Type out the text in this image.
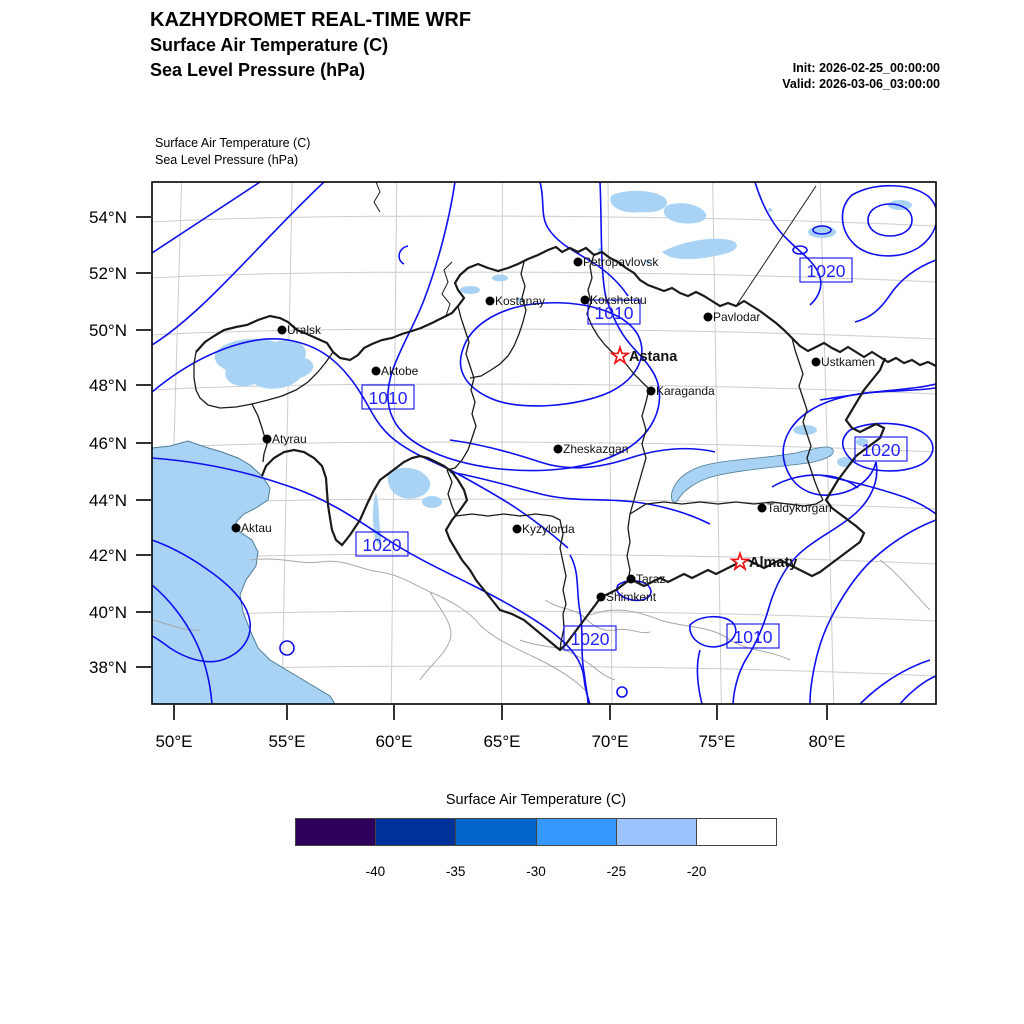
KAZHYDROMET REAL-TIME WRF
Surface Air Temperature (C)
Sea Level Pressure (hPa)	Init: 2026-02-25_00:00:00
Valid: 2026-03-06_03:00:00
Surface Air Temperature (C)
Sea Level Pressure (hPa)
54°N
52°N
50°N
48°N
46°N
44°N
42°N
40°N
38°N
50°E	55°E	60°E	65°E	70°E	75°E	80°E
1010
1010
1020
1020
1020
1020	1010
Uralsk
Aktobe
Atyrau
Aktau
Kostanay
Petropavlovsk
Kokshetau
Pavlodar
Astana
Karaganda
Zheskazgan
Kyzylorda
Taraz
Shimkent
Taldykorgan
Almaty
Ustkamen
Surface Air Temperature (C)
-40	-35	-30	-25	-20
